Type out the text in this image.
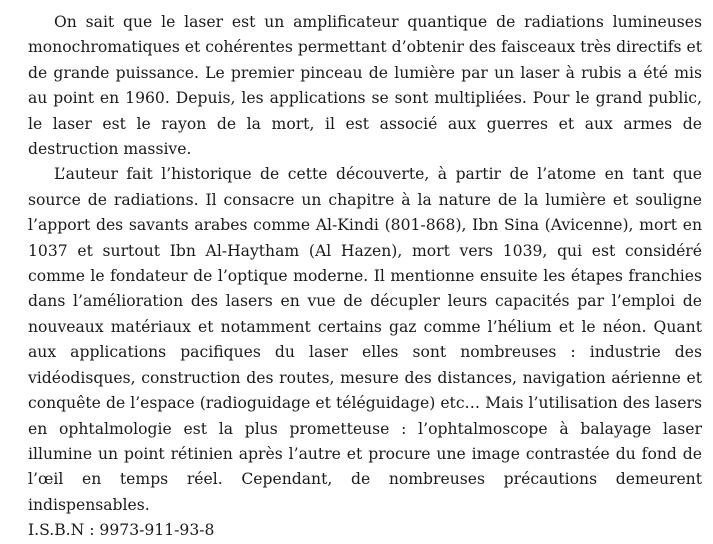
On sait que le laser est un amplificateur quantique de radiations lumineuses monochromatiques et cohérentes permettant d’obtenir des faisceaux très directifs et de grande puissance. Le premier pinceau de lumière par un laser à rubis a été mis au point en 1960. Depuis, les applications se sont multipliées. Pour le grand public, le laser est le rayon de la mort, il est associé aux guerres et aux armes de destruction massive.

L’auteur fait l’historique de cette découverte, à partir de l’atome en tant que source de radiations. Il consacre un chapitre à la nature de la lumière et souligne l’apport des savants arabes comme Al-Kindi (801-868), Ibn Sina (Avicenne), mort en 1037 et surtout Ibn Al-Haytham (Al Hazen), mort vers 1039, qui est considéré comme le fondateur de l’optique moderne. Il mentionne ensuite les étapes franchies dans l’amélioration des lasers en vue de décupler leurs capacités par l’emploi de nouveaux matériaux et notamment certains gaz comme l’hélium et le néon. Quant aux applications pacifiques du laser elles sont nombreuses : industrie des vidéodisques, construction des routes, mesure des distances, navigation aérienne et conquête de l’espace (radioguidage et téléguidage) etc… Mais l’utilisation des lasers en ophtalmologie est la plus prometteuse : l’ophtalmoscope à balayage laser illumine un point rétinien après l’autre et procure une image contrastée du fond de l’œil en temps réel. Cependant, de nombreuses précautions demeurent indispensables.

I.S.B.N : 9973-911-93-8
